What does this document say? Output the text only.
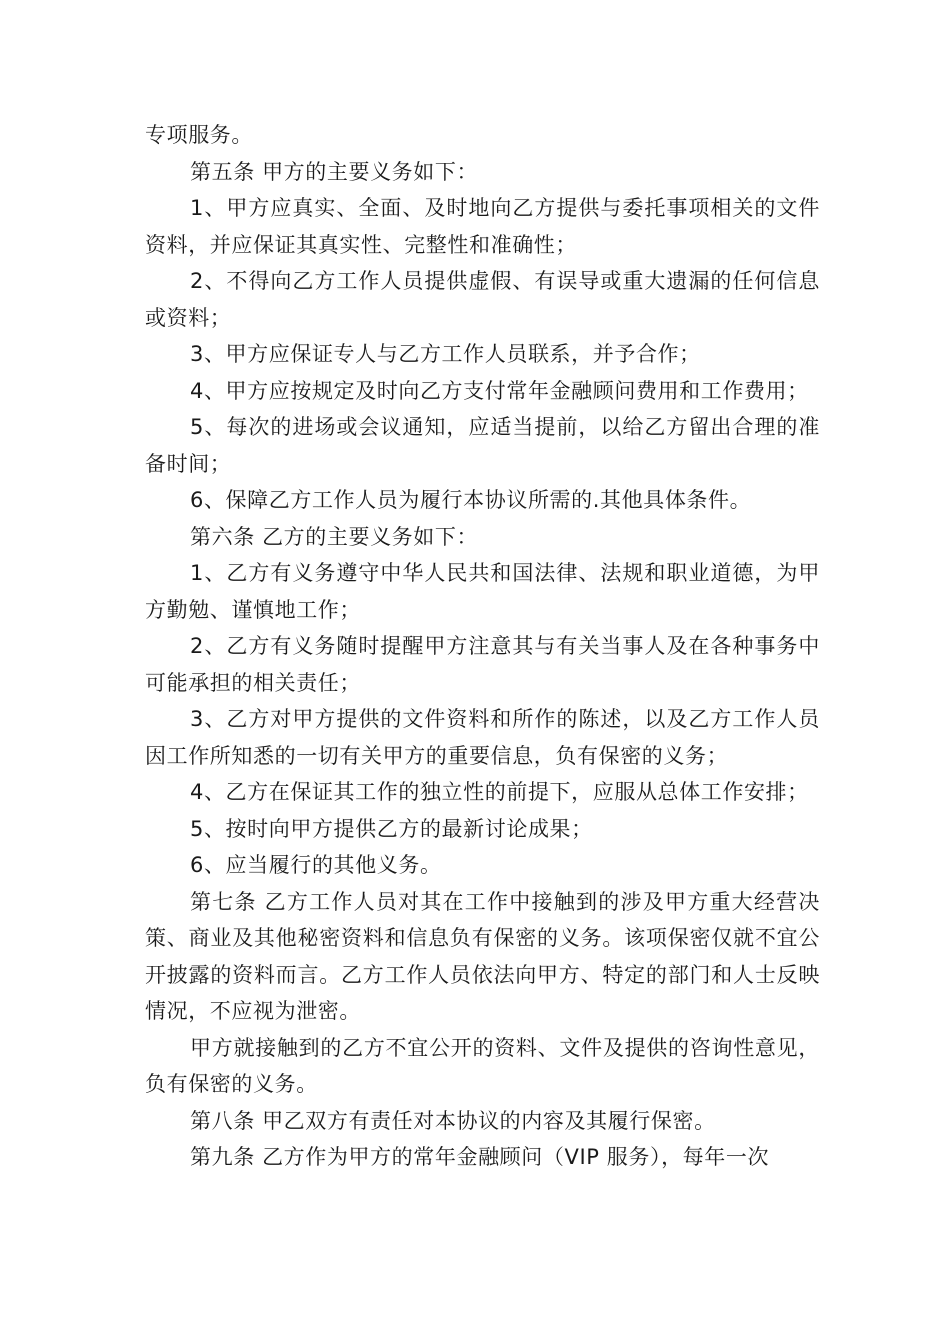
专项服务。

第五条 甲方的主要义务如下：

1、甲方应真实、全面、及时地向乙方提供与委托事项相关的文件资料，并应保证其真实性、完整性和准确性；

2、不得向乙方工作人员提供虚假、有误导或重大遗漏的任何信息或资料；

3、甲方应保证专人与乙方工作人员联系，并予合作；

4、甲方应按规定及时向乙方支付常年金融顾问费用和工作费用；

5、每次的进场或会议通知，应适当提前，以给乙方留出合理的准备时间；

6、保障乙方工作人员为履行本协议所需的.其他具体条件。

第六条 乙方的主要义务如下：

1、乙方有义务遵守中华人民共和国法律、法规和职业道德，为甲方勤勉、谨慎地工作；

2、乙方有义务随时提醒甲方注意其与有关当事人及在各种事务中可能承担的相关责任；

3、乙方对甲方提供的文件资料和所作的陈述，以及乙方工作人员因工作所知悉的一切有关甲方的重要信息，负有保密的义务；

4、乙方在保证其工作的独立性的前提下，应服从总体工作安排；

5、按时向甲方提供乙方的最新讨论成果；

6、应当履行的其他义务。

第七条 乙方工作人员对其在工作中接触到的涉及甲方重大经营决策、商业及其他秘密资料和信息负有保密的义务。该项保密仅就不宜公开披露的资料而言。乙方工作人员依法向甲方、特定的部门和人士反映情况，不应视为泄密。

甲方就接触到的乙方不宜公开的资料、文件及提供的咨询性意见，负有保密的义务。

第八条 甲乙双方有责任对本协议的内容及其履行保密。

第九条 乙方作为甲方的常年金融顾问（VIP 服务），每年一次
